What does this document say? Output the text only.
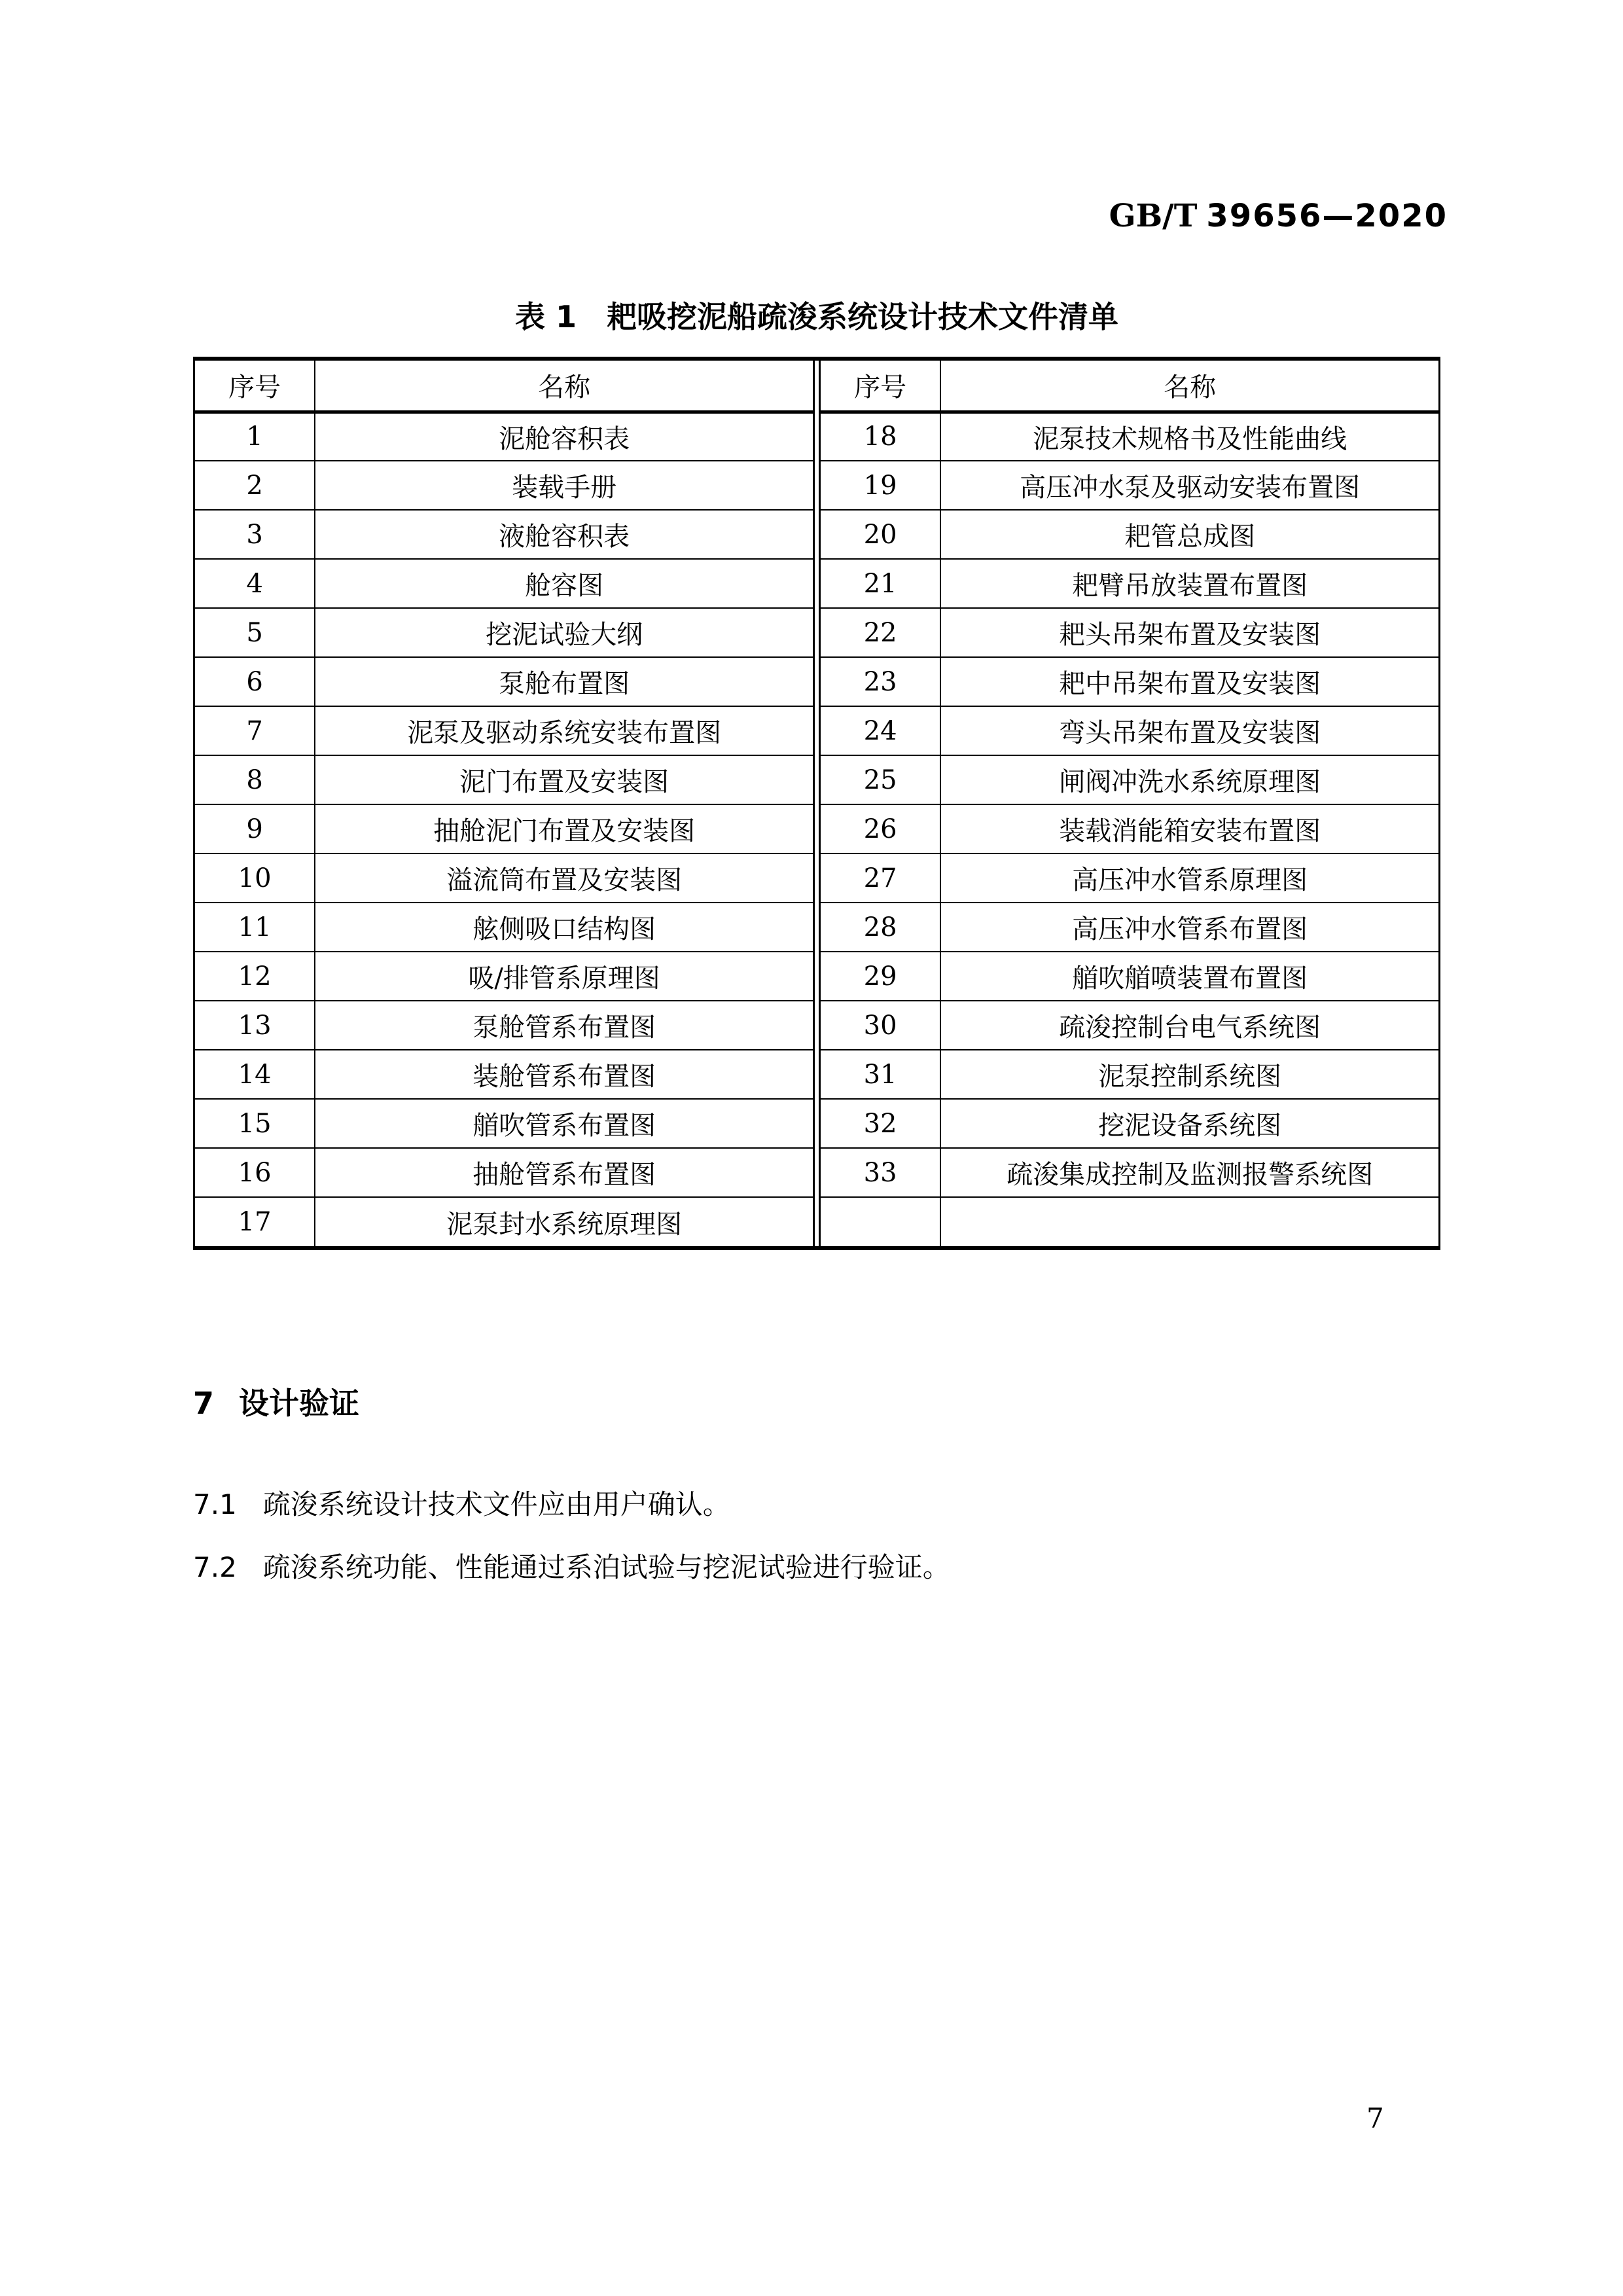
GB/T 39656—2020
表 1　耙吸挖泥船疏浚系统设计技术文件清单
序号	名称
1	泥舱容积表
2	装载手册
3	液舱容积表
4	舱容图
5	挖泥试验大纲
6	泵舱布置图
7	泥泵及驱动系统安装布置图
8	泥门布置及安装图
9	抽舱泥门布置及安装图
10	溢流筒布置及安装图
11	舷侧吸口结构图
12	吸/排管系原理图
13	泵舱管系布置图
14	装舱管系布置图
15	艏吹管系布置图
16	抽舱管系布置图
17	泥泵封水系统原理图
序号	名称
18	泥泵技术规格书及性能曲线
19	高压冲水泵及驱动安装布置图
20	耙管总成图
21	耙臂吊放装置布置图
22	耙头吊架布置及安装图
23	耙中吊架布置及安装图
24	弯头吊架布置及安装图
25	闸阀冲洗水系统原理图
26	装载消能箱安装布置图
27	高压冲水管系原理图
28	高压冲水管系布置图
29	艏吹艏喷装置布置图
30	疏浚控制台电气系统图
31	泥泵控制系统图
32	挖泥设备系统图
33	疏浚集成控制及监测报警系统图

7 设计验证
7.1 疏浚系统设计技术文件应由用户确认。
7.2 疏浚系统功能、性能通过系泊试验与挖泥试验进行验证。
7
